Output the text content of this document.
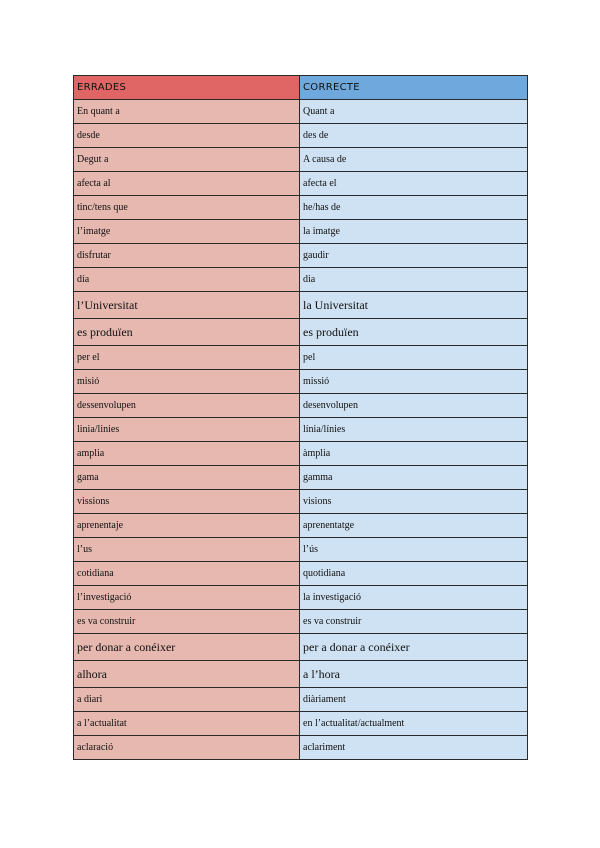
ERRADES	CORRECTE
En quant a	Quant a
desde	des de
Degut a	A causa de
afecta al	afecta el
tinc/tens que	he/has de
l’imatge	la imatge
disfrutar	gaudir
día	dia
l’Universitat	la Universitat
es produïen	es produïen
per el	pel
misió	missió
dessenvolupen	desenvolupen
linia/linies	línia/línies
amplia	àmplia
gama	gamma
vissions	visions
aprenentaje	aprenentatge
l’us	l’ús
cotidiana	quotidiana
l’investigació	la investigació
es va construir	es va construir
per donar a conéixer	per a donar a conéixer
alhora	a l’hora
a diari	diàriament
a l’actualitat	en l’actualitat/actualment
aclaració	aclariment
